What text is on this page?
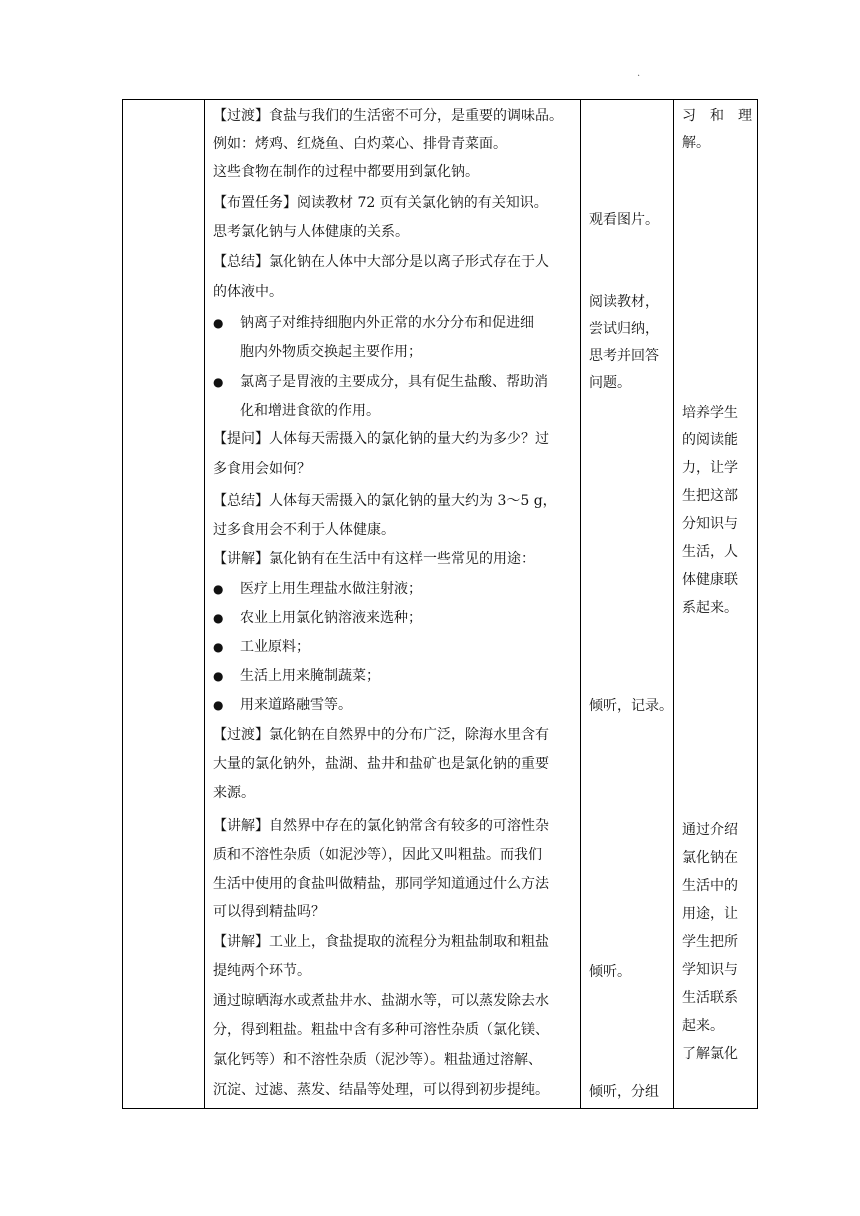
.
【过渡】食盐与我们的生活密不可分，是重要的调味品。
例如：烤鸡、红烧鱼、白灼菜心、排骨青菜面。
这些食物在制作的过程中都要用到氯化钠。
【布置任务】阅读教材 72 页有关氯化钠的有关知识。
思考氯化钠与人体健康的关系。
【总结】氯化钠在人体中大部分是以离子形式存在于人
的体液中。
● 钠离子对维持细胞内外正常的水分分布和促进细
胞内外物质交换起主要作用；
● 氯离子是胃液的主要成分，具有促生盐酸、帮助消
化和增进食欲的作用。
【提问】人体每天需摄入的氯化钠的量大约为多少？过
多食用会如何？
【总结】人体每天需摄入的氯化钠的量大约为 3～5 g，
过多食用会不利于人体健康。
【讲解】氯化钠有在生活中有这样一些常见的用途：
● 医疗上用生理盐水做注射液；
● 农业上用氯化钠溶液来选种；
● 工业原料；
● 生活上用来腌制蔬菜；
● 用来道路融雪等。
【过渡】氯化钠在自然界中的分布广泛，除海水里含有
大量的氯化钠外，盐湖、盐井和盐矿也是氯化钠的重要
来源。
【讲解】自然界中存在的氯化钠常含有较多的可溶性杂
质和不溶性杂质（如泥沙等），因此又叫粗盐。而我们
生活中使用的食盐叫做精盐，那同学知道通过什么方法
可以得到精盐吗？
【讲解】工业上，食盐提取的流程分为粗盐制取和粗盐
提纯两个环节。
通过晾晒海水或煮盐井水、盐湖水等，可以蒸发除去水
分，得到粗盐。粗盐中含有多种可溶性杂质（氯化镁、
氯化钙等）和不溶性杂质（泥沙等）。粗盐通过溶解、
沉淀、过滤、蒸发、结晶等处理，可以得到初步提纯。
观看图片。
阅读教材，
尝试归纳，
思考并回答
问题。
倾听，记录。
倾听。
倾听，分组
习　和　理
解。
培养学生
的阅读能
力，让学
生把这部
分知识与
生活，人
体健康联
系起来。
通过介绍
氯化钠在
生活中的
用途，让
学生把所
学知识与
生活联系
起来。
了解氯化
